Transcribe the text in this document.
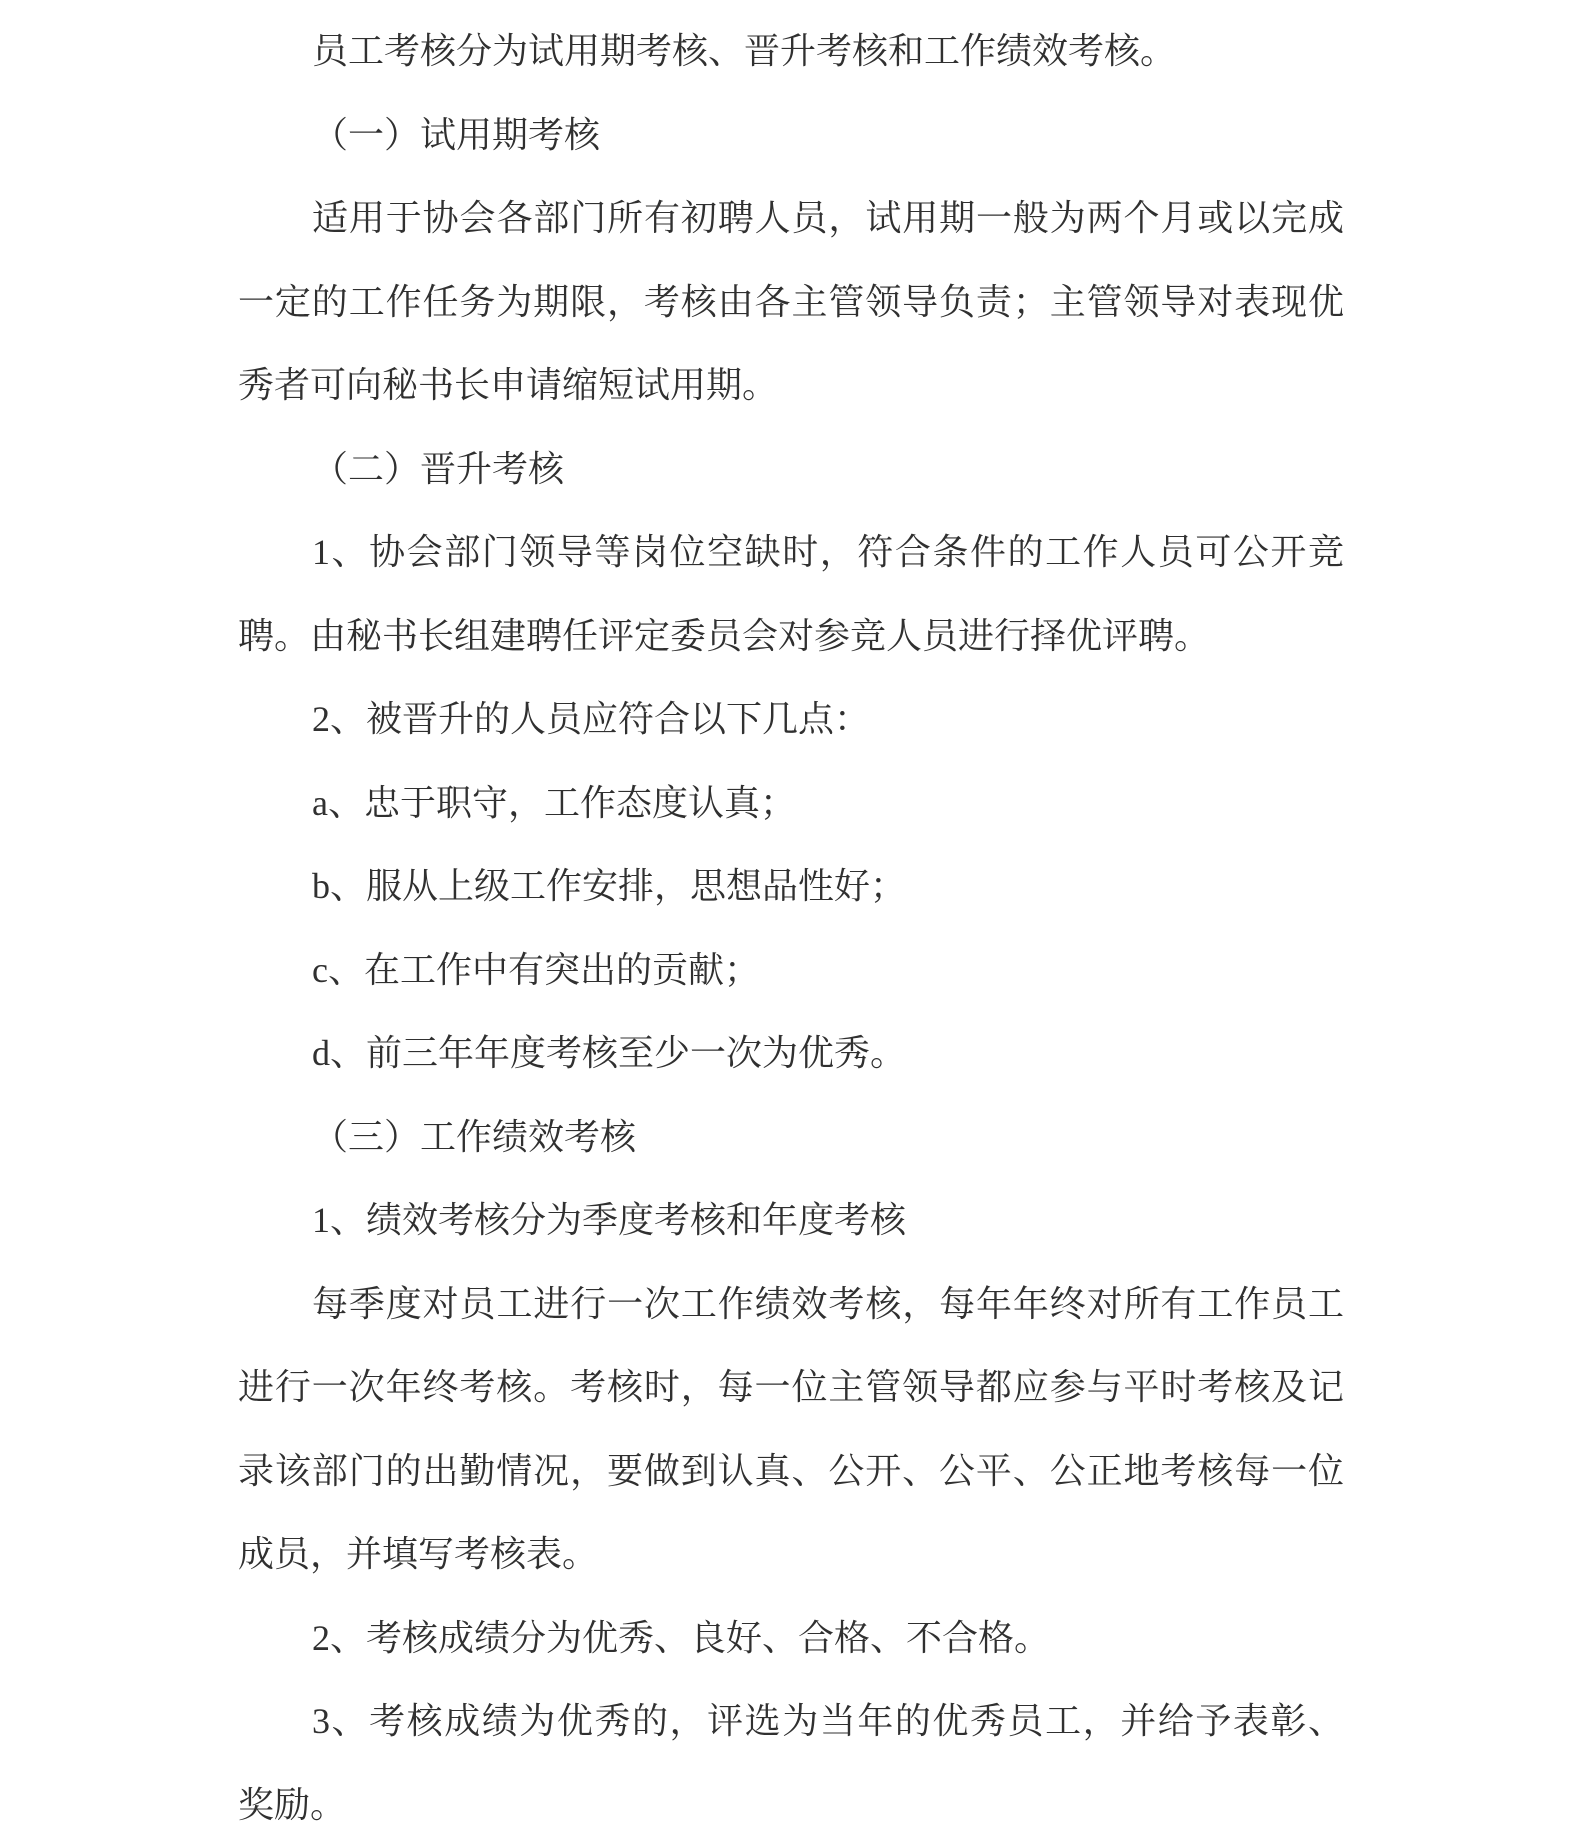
员工考核分为试用期考核、晋升考核和工作绩效考核。
（一）试用期考核
适用于协会各部门所有初聘人员，试用期一般为两个月或以完成
一定的工作任务为期限，考核由各主管领导负责；主管领导对表现优
秀者可向秘书长申请缩短试用期。
（二）晋升考核
1、协会部门领导等岗位空缺时，符合条件的工作人员可公开竞
聘。由秘书长组建聘任评定委员会对参竞人员进行择优评聘。
2、被晋升的人员应符合以下几点：
a、忠于职守，工作态度认真；
b、服从上级工作安排，思想品性好；
c、在工作中有突出的贡献；
d、前三年年度考核至少一次为优秀。
（三）工作绩效考核
1、绩效考核分为季度考核和年度考核
每季度对员工进行一次工作绩效考核，每年年终对所有工作员工
进行一次年终考核。考核时，每一位主管领导都应参与平时考核及记
录该部门的出勤情况，要做到认真、公开、公平、公正地考核每一位
成员，并填写考核表。
2、考核成绩分为优秀、良好、合格、不合格。
3、考核成绩为优秀的，评选为当年的优秀员工，并给予表彰、
奖励。
